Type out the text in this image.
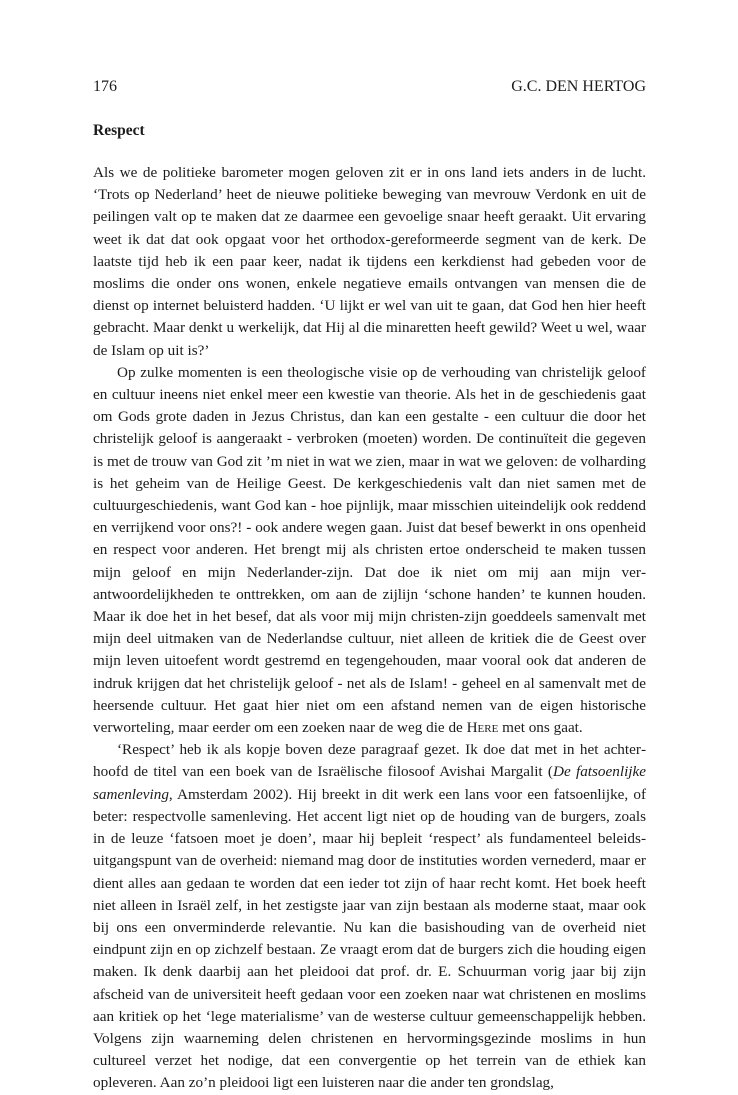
176	G.C. DEN HERTOG
Respect

Als we de politieke barometer mogen geloven zit er in ons land iets anders in de lucht. ‘Trots op Nederland’ heet de nieuwe politieke beweging van mevrouw Verdonk en uit de peilingen valt op te maken dat ze daarmee een gevoelige snaar heeft geraakt. Uit ervaring weet ik dat dat ook opgaat voor het orthodox-gereformeerde segment van de kerk. De laatste tijd heb ik een paar keer, nadat ik tijdens een kerkdienst had gebeden voor de moslims die onder ons wonen, enkele negatieve emails ontvangen van mensen die de dienst op internet beluisterd hadden. ‘U lijkt er wel van uit te gaan, dat God hen hier heeft gebracht. Maar denkt u werkelijk, dat Hij al die minaretten heeft gewild? Weet u wel, waar de Islam op uit is?’

Op zulke momenten is een theologische visie op de verhouding van christelijk geloof en cultuur ineens niet enkel meer een kwestie van theorie. Als het in de geschiedenis gaat om Gods grote daden in Jezus Christus, dan kan een gestalte - een cultuur die door het christelijk geloof is aangeraakt - verbroken (moeten) worden. De continuïteit die gegeven is met de trouw van God zit ’m niet in wat we zien, maar in wat we geloven: de volharding is het geheim van de Heilige Geest. De kerkgeschiedenis valt dan niet samen met de cultuurgeschiedenis, want God kan - hoe pijnlijk, maar misschien uiteindelijk ook reddend en verrijkend voor ons?! - ook andere wegen gaan. Juist dat besef bewerkt in ons openheid en respect voor anderen. Het brengt mij als christen ertoe onderscheid te maken tussen mijn geloof en mijn Nederlander-zijn. Dat doe ik niet om mij aan mijn verantwoordelijkheden te onttrekken, om aan de zijlijn ‘schone handen’ te kunnen houden. Maar ik doe het in het besef, dat als voor mij mijn christen-zijn goeddeels samenvalt met mijn deel uitmaken van de Nederlandse cultuur, niet alleen de kritiek die de Geest over mijn leven uitoefent wordt gestremd en tegengehouden, maar vooral ook dat anderen de indruk krijgen dat het christelijk geloof - net als de Islam! - geheel en al samenvalt met de heersende cultuur. Het gaat hier niet om een afstand nemen van de eigen historische verworteling, maar eerder om een zoeken naar de weg die de Here met ons gaat.

‘Respect’ heb ik als kopje boven deze paragraaf gezet. Ik doe dat met in het achterhoofd de titel van een boek van de Israëlische filosoof Avishai Margalit (De fatsoenlijke samenleving, Amsterdam 2002). Hij breekt in dit werk een lans voor een fatsoenlijke, of beter: respectvolle samenleving. Het accent ligt niet op de houding van de burgers, zoals in de leuze ‘fatsoen moet je doen’, maar hij bepleit ‘respect’ als fundamenteel beleidsuitgangspunt van de overheid: niemand mag door de instituties worden vernederd, maar er dient alles aan gedaan te worden dat een ieder tot zijn of haar recht komt. Het boek heeft niet alleen in Israël zelf, in het zestigste jaar van zijn bestaan als moderne staat, maar ook bij ons een onverminderde relevantie. Nu kan die basishouding van de overheid niet eindpunt zijn en op zichzelf bestaan. Ze vraagt erom dat de burgers zich die houding eigen maken. Ik denk daarbij aan het pleidooi dat prof. dr. E. Schuurman vorig jaar bij zijn afscheid van de universiteit heeft gedaan voor een zoeken naar wat christenen en moslims aan kritiek op het ‘lege materialisme’ van de westerse cultuur gemeenschappelijk hebben. Volgens zijn waarneming delen christenen en hervormingsgezinde moslims in hun cultureel verzet het nodige, dat een convergentie op het terrein van de ethiek kan opleveren. Aan zo’n pleidooi ligt een luisteren naar die ander ten grondslag,
